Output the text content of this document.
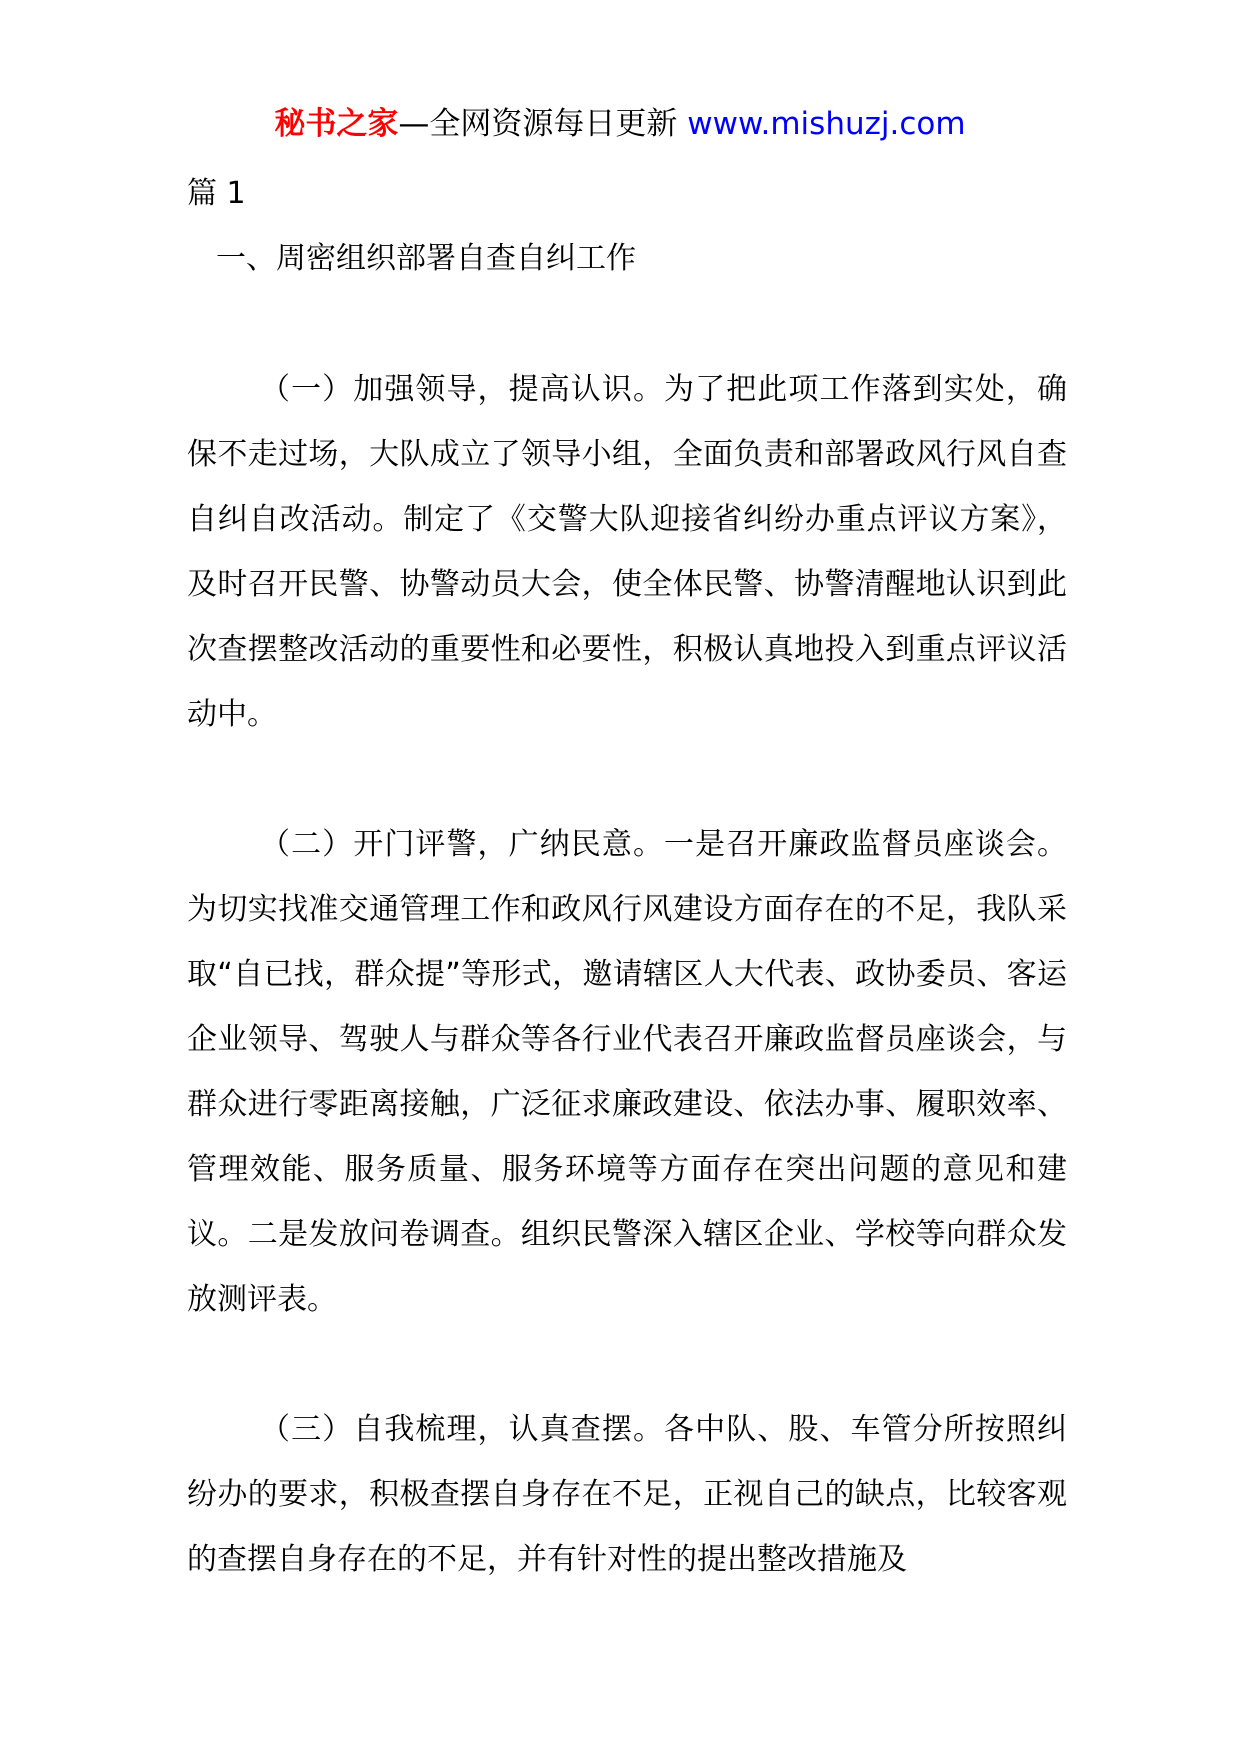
秘书之家—全网资源每日更新 www.mishuzj.com
篇 1
一、周密组织部署自查自纠工作

（一）加强领导，提高认识。为了把此项工作落到实处，确保不走过场，大队成立了领导小组，全面负责和部署政风行风自查自纠自改活动。制定了《交警大队迎接省纠纷办重点评议方案》，及时召开民警、协警动员大会，使全体民警、协警清醒地认识到此次查摆整改活动的重要性和必要性，积极认真地投入到重点评议活动中。

（二）开门评警，广纳民意。一是召开廉政监督员座谈会。为切实找准交通管理工作和政风行风建设方面存在的不足，我队采取“自已找，群众提”等形式，邀请辖区人大代表、政协委员、客运企业领导、驾驶人与群众等各行业代表召开廉政监督员座谈会，与群众进行零距离接触，广泛征求廉政建设、依法办事、履职效率、管理效能、服务质量、服务环境等方面存在突出问题的意见和建议。二是发放问卷调查。组织民警深入辖区企业、学校等向群众发放测评表。

（三）自我梳理，认真查摆。各中队、股、车管分所按照纠纷办的要求，积极查摆自身存在不足，正视自己的缺点，比较客观的查摆自身存在的不足，并有针对性的提出整改措施及
